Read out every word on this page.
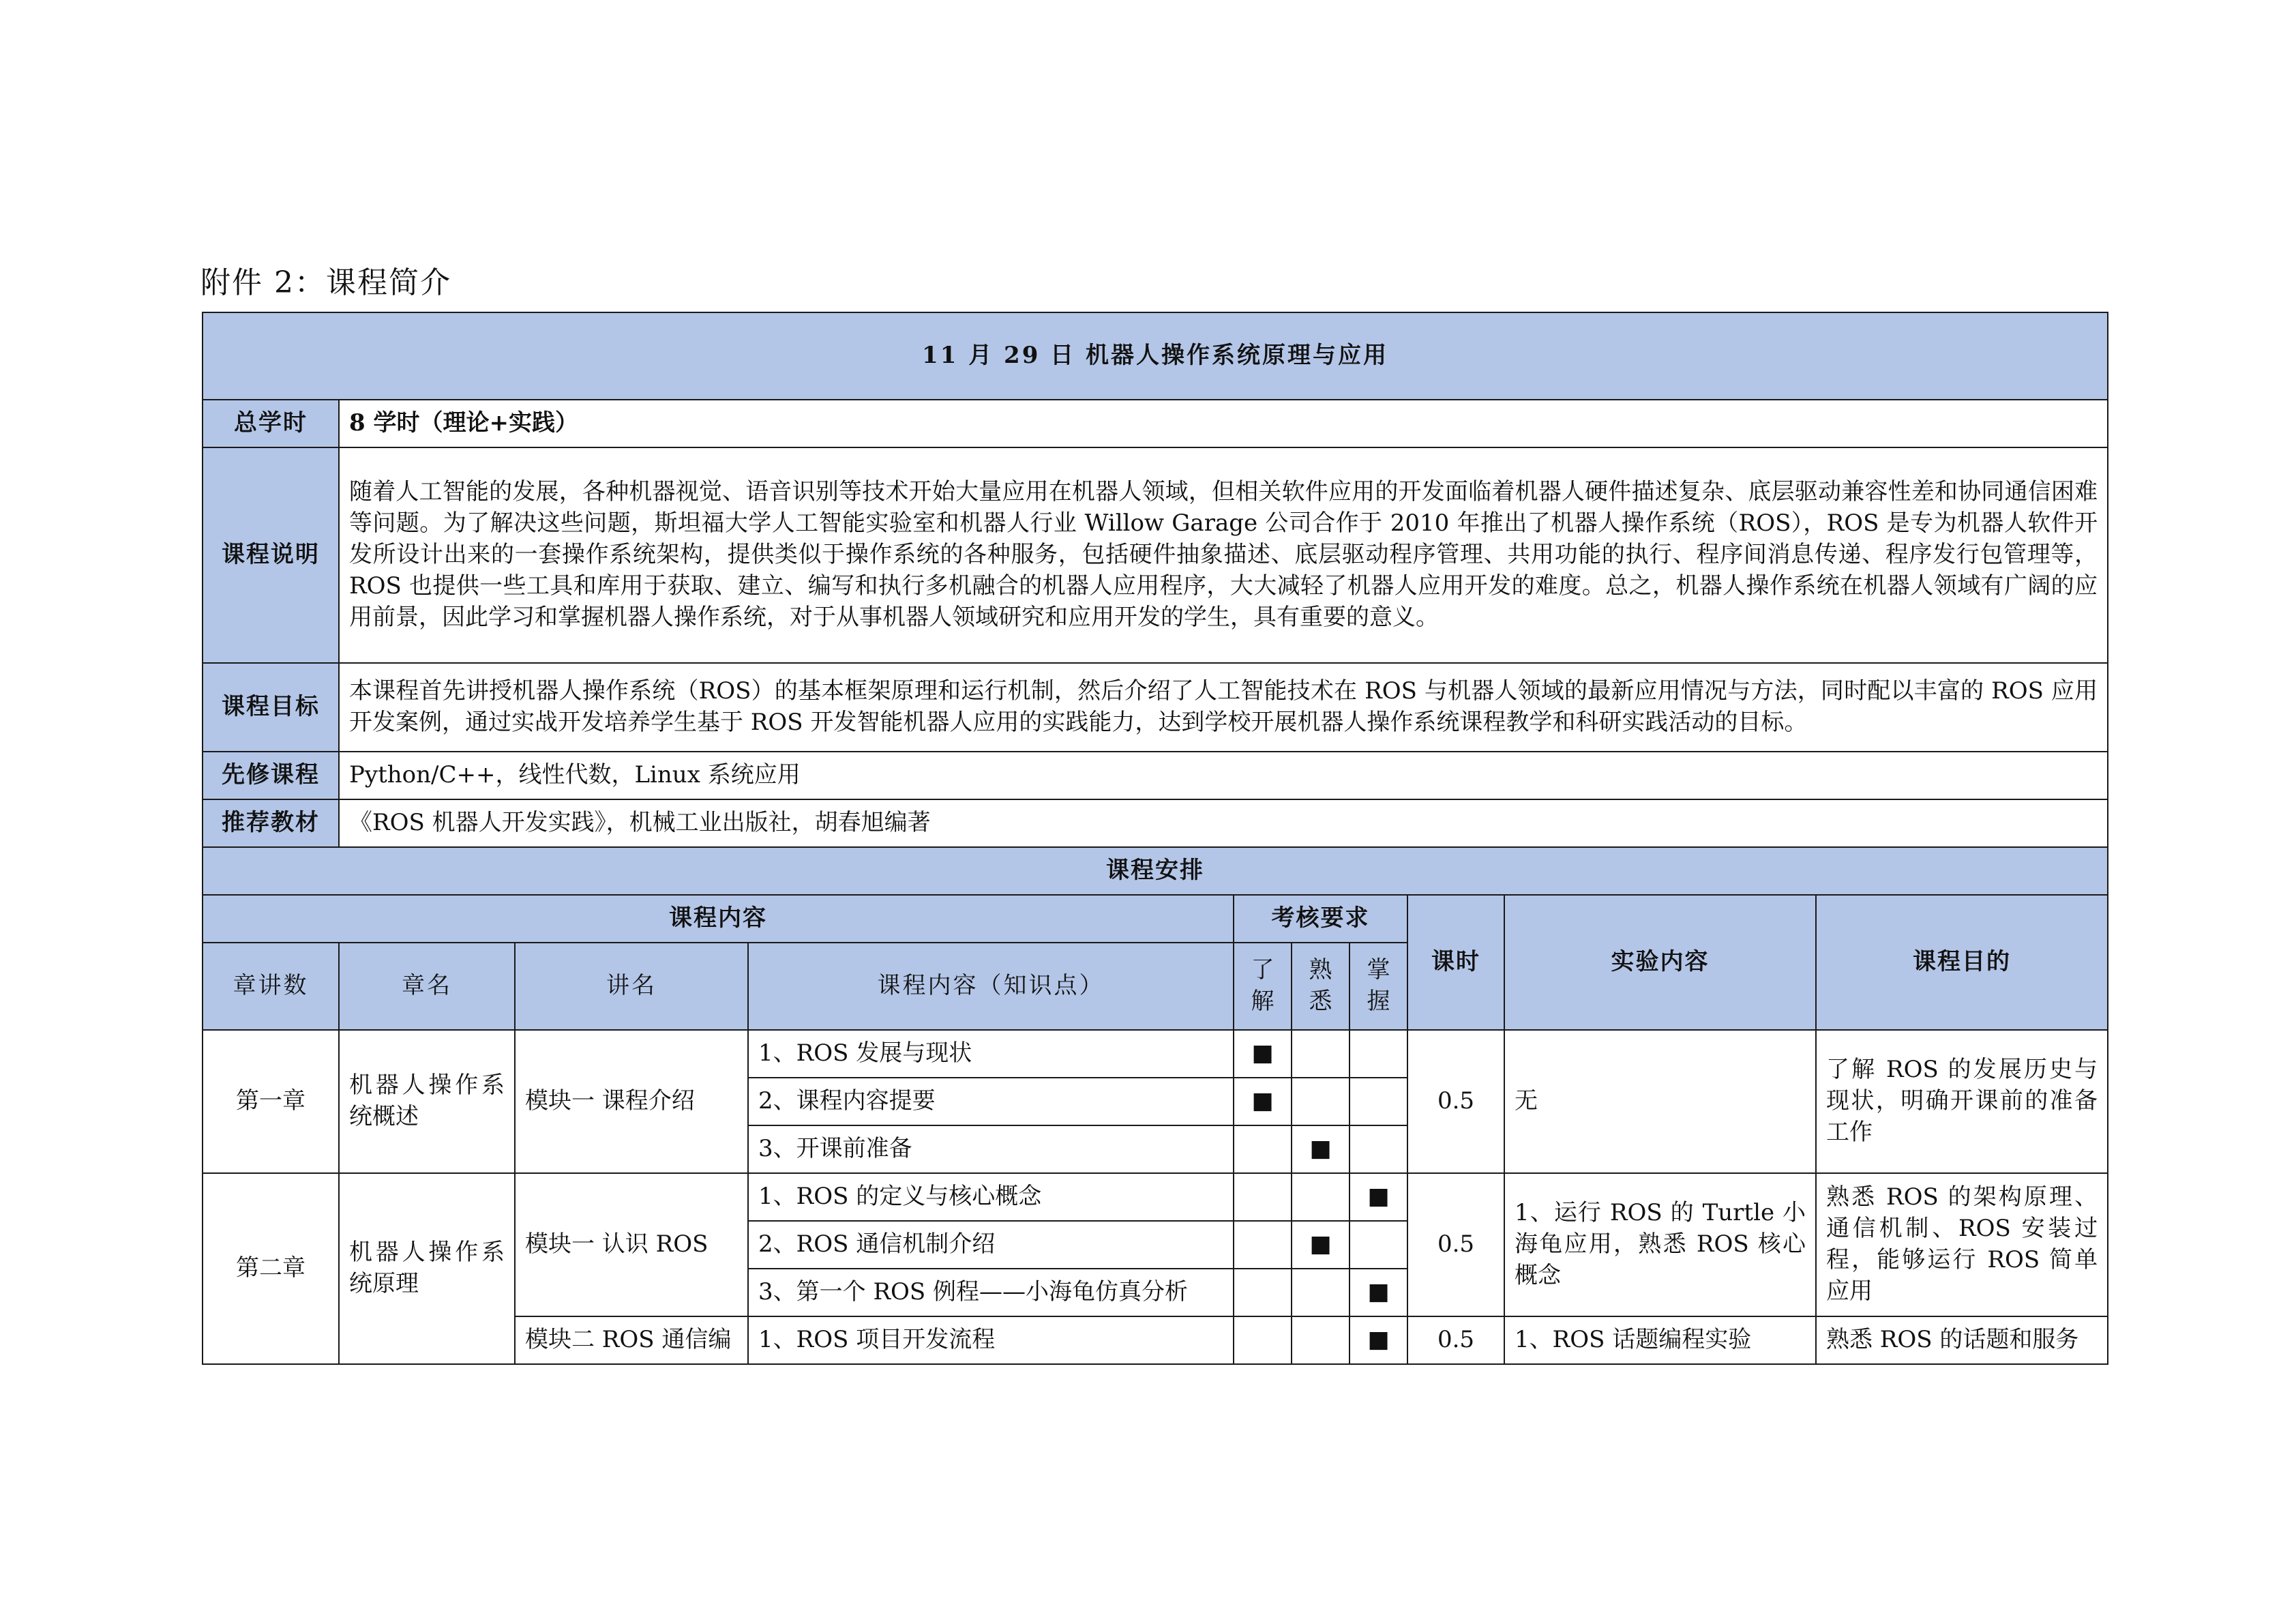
附件 2：课程简介
11 月 29 日 机器人操作系统原理与应用									
总学时	8 学时（理论+实践）								
课程说明	随着人工智能的发展，各种机器视觉、语音识别等技术开始大量应用在机器人领域，但相关软件应用的开发面临着机器人硬件描述复杂、底层驱动兼容性差和协同通信困难等问题。为了解决这些问题，斯坦福大学人工智能实验室和机器人行业 Willow Garage 公司合作于 2010 年推出了机器人操作系统（ROS），ROS 是专为机器人软件开发所设计出来的一套操作系统架构，提供类似于操作系统的各种服务，包括硬件抽象描述、底层驱动程序管理、共用功能的执行、程序间消息传递、程序发行包管理等，ROS 也提供一些工具和库用于获取、建立、编写和执行多机融合的机器人应用程序，大大减轻了机器人应用开发的难度。总之，机器人操作系统在机器人领域有广阔的应用前景，因此学习和掌握机器人操作系统，对于从事机器人领域研究和应用开发的学生，具有重要的意义。								
课程目标	本课程首先讲授机器人操作系统（ROS）的基本框架原理和运行机制，然后介绍了人工智能技术在 ROS 与机器人领域的最新应用情况与方法，同时配以丰富的 ROS 应用开发案例，通过实战开发培养学生基于 ROS 开发智能机器人应用的实践能力，达到学校开展机器人操作系统课程教学和科研实践活动的目标。								
先修课程	Python/C++，线性代数，Linux 系统应用								
推荐教材	《ROS 机器人开发实践》，机械工业出版社，胡春旭编著								
课程安排									
课程内容				考核要求			课时	实验内容	课程目的
章讲数	章名	讲名	课程内容（知识点）	了解	熟悉	掌握			
第一章	机器人操作系统概述	模块一 课程介绍	1、ROS 发展与现状	■			0.5	无	了解 ROS 的发展历史与现状，明确开课前的准备工作
			2、课程内容提要	■					
			3、开课前准备		■				
第二章	机器人操作系统原理	模块一 认识 ROS	1、ROS 的定义与核心概念			■	0.5	1、运行 ROS 的 Turtle 小海龟应用，熟悉 ROS 核心概念	熟悉 ROS 的架构原理、通信机制、ROS 安装过程，能够运行 ROS 简单应用
			2、ROS 通信机制介绍		■				
			3、第一个 ROS 例程——小海龟仿真分析			■			
		模块二 ROS 通信编	1、ROS 项目开发流程			■	0.5	1、ROS 话题编程实验	熟悉 ROS 的话题和服务
